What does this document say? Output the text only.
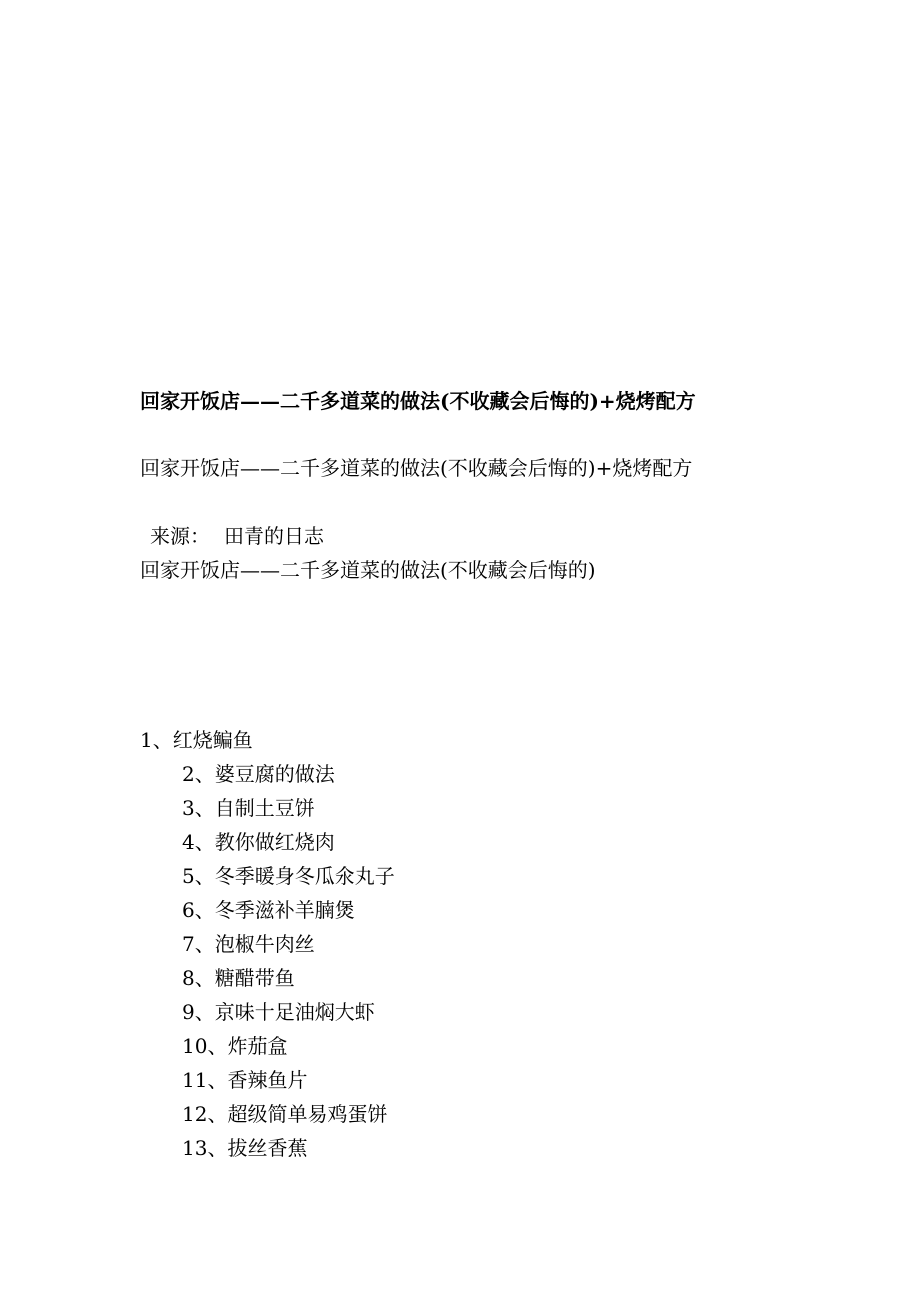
回家开饭店——二千多道菜的做法(不收藏会后悔的)+烧烤配方
回家开饭店——二千多道菜的做法(不收藏会后悔的)+烧烤配方
来源： 田青的日志
回家开饭店——二千多道菜的做法(不收藏会后悔的)
1、红烧鳊鱼
2、婆豆腐的做法
3、自制土豆饼
4、教你做红烧肉
5、冬季暖身冬瓜氽丸子
6、冬季滋补羊腩煲
7、泡椒牛肉丝
8、糖醋带鱼
9、京味十足油焖大虾
10、炸茄盒
11、香辣鱼片
12、超级简单易鸡蛋饼
13、拔丝香蕉
